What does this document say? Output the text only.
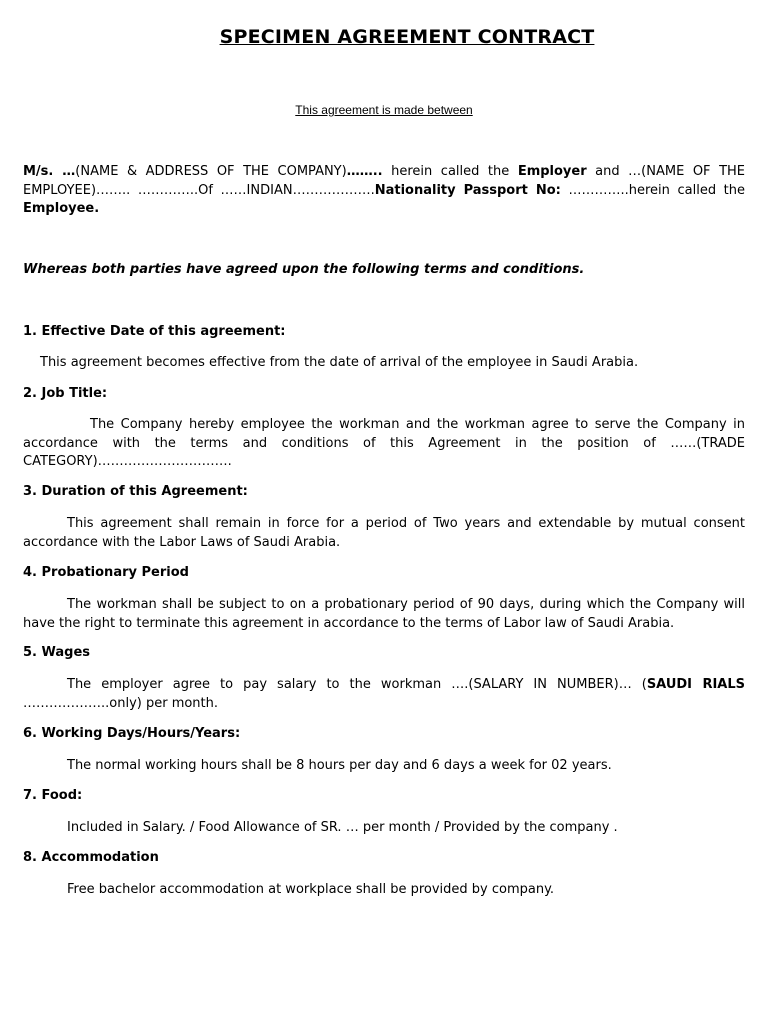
SPECIMEN AGREEMENT CONTRACT
This agreement is made between
M/s. …(NAME & ADDRESS OF THE COMPANY)…….. herein called the Employer and …(NAME OF THE EMPLOYEE)…….. …………..Of ……INDIAN……………….Nationality Passport No: …………..herein called the Employee.
Whereas both parties have agreed upon the following terms and conditions.
1. Effective Date of this agreement:
This agreement becomes effective from the date of arrival of the employee in Saudi Arabia.
2. Job Title:
The Company hereby employee the workman and the workman agree to serve the Company in accordance with the terms and conditions of this Agreement in the position of ……(TRADE CATEGORY)………………………….
3. Duration of this Agreement:
This agreement shall remain in force for a period of Two years and extendable by mutual consent accordance with the Labor Laws of Saudi Arabia.
4. Probationary Period
The workman shall be subject to on a probationary period of 90 days, during which the Company will have the right to terminate this agreement in accordance to the terms of Labor law of Saudi Arabia.
5. Wages
The employer agree to pay salary to the workman ….(SALARY IN NUMBER)… (SAUDI RIALS ………………..only) per month.
6. Working Days/Hours/Years:
The normal working hours shall be 8 hours per day and 6 days a week for 02 years.
7. Food:
Included in Salary. / Food Allowance of SR. … per month / Provided by the company .
8. Accommodation
Free bachelor accommodation at workplace shall be provided by company.
